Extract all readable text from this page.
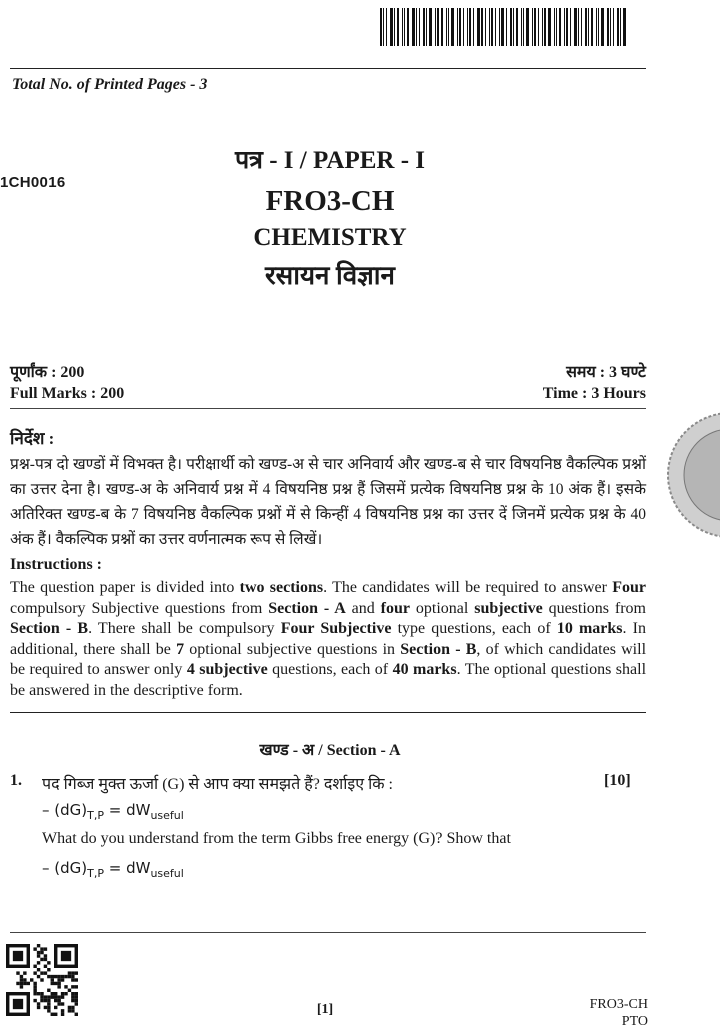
Total No. of Printed Pages - 3
1CH0016
पत्र - I / PAPER - I
FRO3-CH
CHEMISTRY
रसायन विज्ञान
पूर्णांक : 200	समय : 3 घण्टे
Full Marks : 200	Time : 3 Hours
निर्देश :
प्रश्न-पत्र दो खण्डों में विभक्त है। परीक्षार्थी को खण्ड-अ से चार अनिवार्य और खण्ड-ब से चार विषयनिष्ठ वैकल्पिक प्रश्नों का उत्तर देना है। खण्ड-अ के अनिवार्य प्रश्न में 4 विषयनिष्ठ प्रश्न हैं जिसमें प्रत्येक विषयनिष्ठ प्रश्न के 10 अंक हैं। इसके अतिरिक्त खण्ड-ब के 7 विषयनिष्ठ वैकल्पिक प्रश्नों में से किन्हीं 4 विषयनिष्ठ प्रश्न का उत्तर दें जिनमें प्रत्येक प्रश्न के 40 अंक हैं। वैकल्पिक प्रश्नों का उत्तर वर्णनात्मक रूप से लिखें।
Instructions :
The question paper is divided into two sections. The candidates will be required to answer Four compulsory Subjective questions from Section - A and four optional subjective questions from Section - B. There shall be compulsory Four Subjective type questions, each of 10 marks. In additional, there shall be 7 optional subjective questions in Section - B, of which candidates will be required to answer only 4 subjective questions, each of 40 marks. The optional questions shall be answered in the descriptive form.
खण्ड - अ / Section - A
1.	[10]
पद गिब्ज मुक्त ऊर्जा (G) से आप क्या समझते हैं? दर्शाइए कि :
– $(dG)_{T,P} = dW_{useful}$
What do you understand from the term Gibbs free energy (G)? Show that
– $(dG)_{T,P} = dW_{useful}$
[1]	FRO3-CH
PTO
